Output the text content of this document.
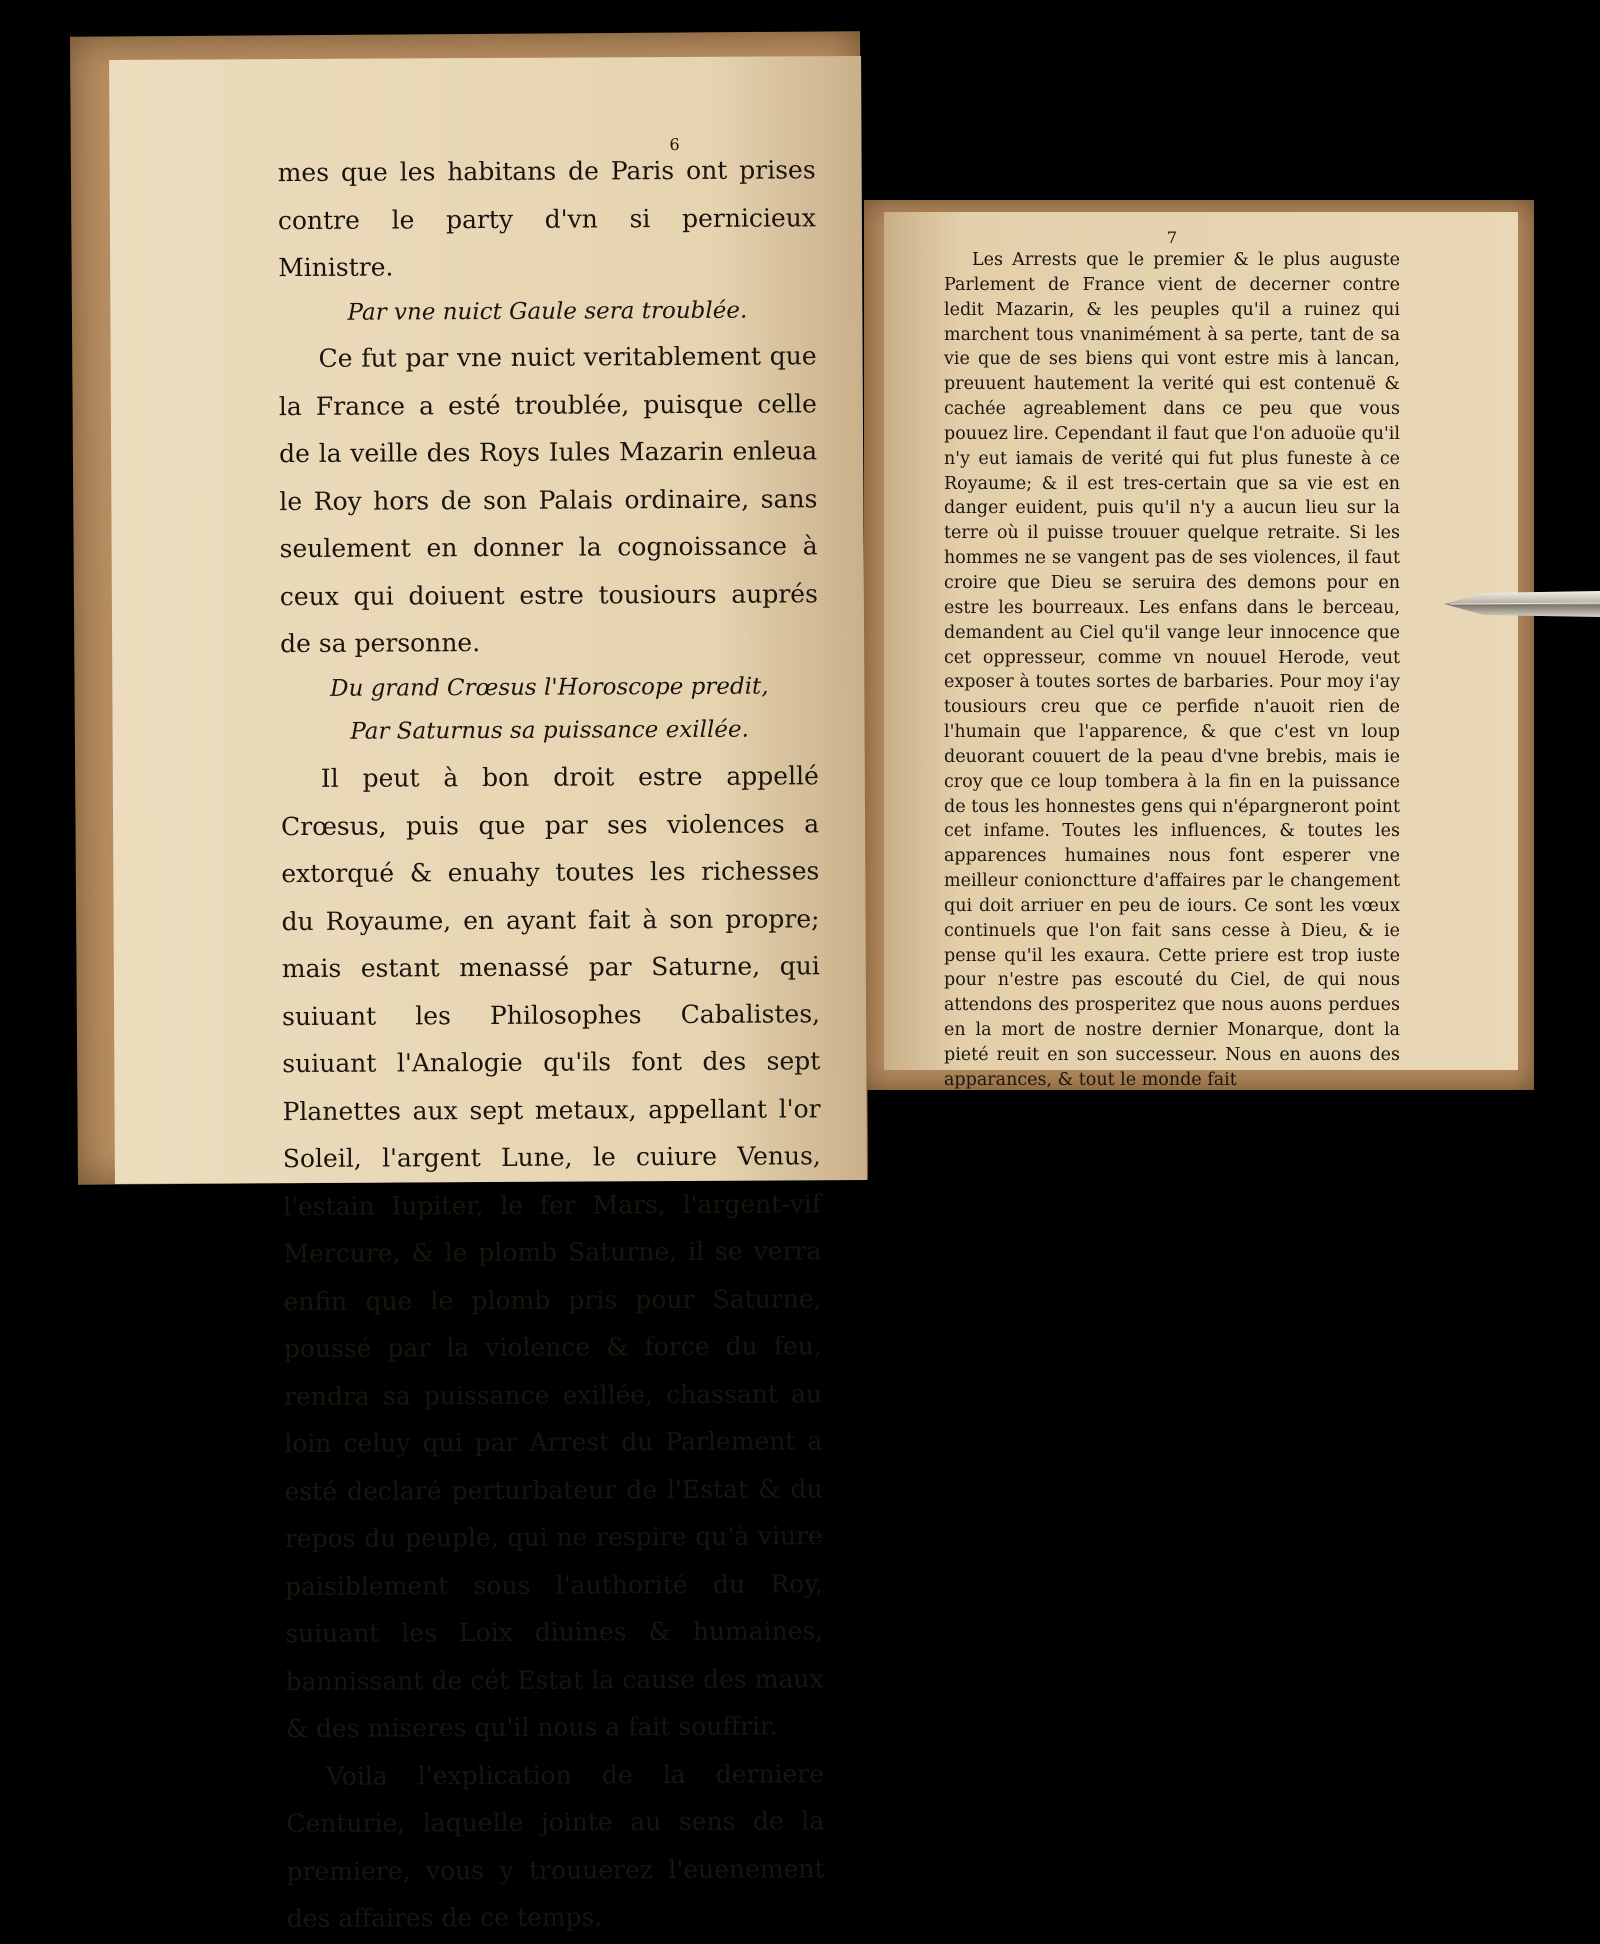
6

mes que les habitans de Paris ont prises contre le party d'vn si pernicieux Ministre.

Par vne nuict Gaule sera troublée.

Ce fut par vne nuict veritablement que la France a esté troublée, puisque celle de la veille des Roys Iules Mazarin enleua le Roy hors de son Palais ordinaire, sans seulement en donner la cognoissance à ceux qui doiuent estre tousiours auprés de sa personne.

Du grand Crœsus l'Horoscope predit,
Par Saturnus sa puissance exillée.

Il peut à bon droit estre appellé Crœsus, puis que par ses violences a extorqué & enuahy toutes les richesses du Royaume, en ayant fait à son propre; mais estant menassé par Saturne, qui suiuant les Philosophes Cabalistes, suiuant l'Analogie qu'ils font des sept Planettes aux sept metaux, appellant l'or Soleil, l'argent Lune, le cuiure Venus, l'estain Iupiter, le fer Mars, l'argent-vif Mercure, & le plomb Saturne, il se verra enfin que le plomb pris pour Saturne, poussé par la violence & force du feu, rendra sa puissance exillée, chassant au loin celuy qui par Arrest du Parlement a esté declaré perturbateur de l'Estat & du repos du peuple, qui ne respire qu'à viure paisiblement sous l'authorité du Roy, suiuant les Loix diuines & humaines, bannissant de cét Estat la cause des maux & des miseres qu'il nous a fait souffrir.

Voila l'explication de la derniere Centurie, laquelle jointe au sens de la premiere, vous y trouuerez l'euenement des affaires de ce temps.

7

Les Arrests que le premier & le plus auguste Parlement de France vient de decerner contre ledit Mazarin, & les peuples qu'il a ruinez qui marchent tous vnanimément à sa perte, tant de sa vie que de ses biens qui vont estre mis à lancan, preuuent hautement la verité qui est contenuë & cachée agreablement dans ce peu que vous pouuez lire. Cependant il faut que l'on aduoüe qu'il n'y eut iamais de verité qui fut plus funeste à ce Royaume; & il est tres-certain que sa vie est en danger euident, puis qu'il n'y a aucun lieu sur la terre où il puisse trouuer quelque retraite. Si les hommes ne se vangent pas de ses violences, il faut croire que Dieu se seruira des demons pour en estre les bourreaux. Les enfans dans le berceau, demandent au Ciel qu'il vange leur innocence que cet oppresseur, comme vn nouuel Herode, veut exposer à toutes sortes de barbaries. Pour moy i'ay tousiours creu que ce perfide n'auoit rien de l'humain que l'apparence, & que c'est vn loup deuorant couuert de la peau d'vne brebis, mais ie croy que ce loup tombera à la fin en la puissance de tous les honnestes gens qui n'épargneront point cet infame. Toutes les influences, & toutes les apparences humaines nous font esperer vne meilleur conionctture d'affaires par le changement qui doit arriuer en peu de iours. Ce sont les vœux continuels que l'on fait sans cesse à Dieu, & ie pense qu'il les exaura. Cette priere est trop iuste pour n'estre pas escouté du Ciel, de qui nous attendons des prosperitez que nous auons perdues en la mort de nostre dernier Monarque, dont la pieté reuit en son successeur. Nous en auons des apparances, & tout le monde fait
